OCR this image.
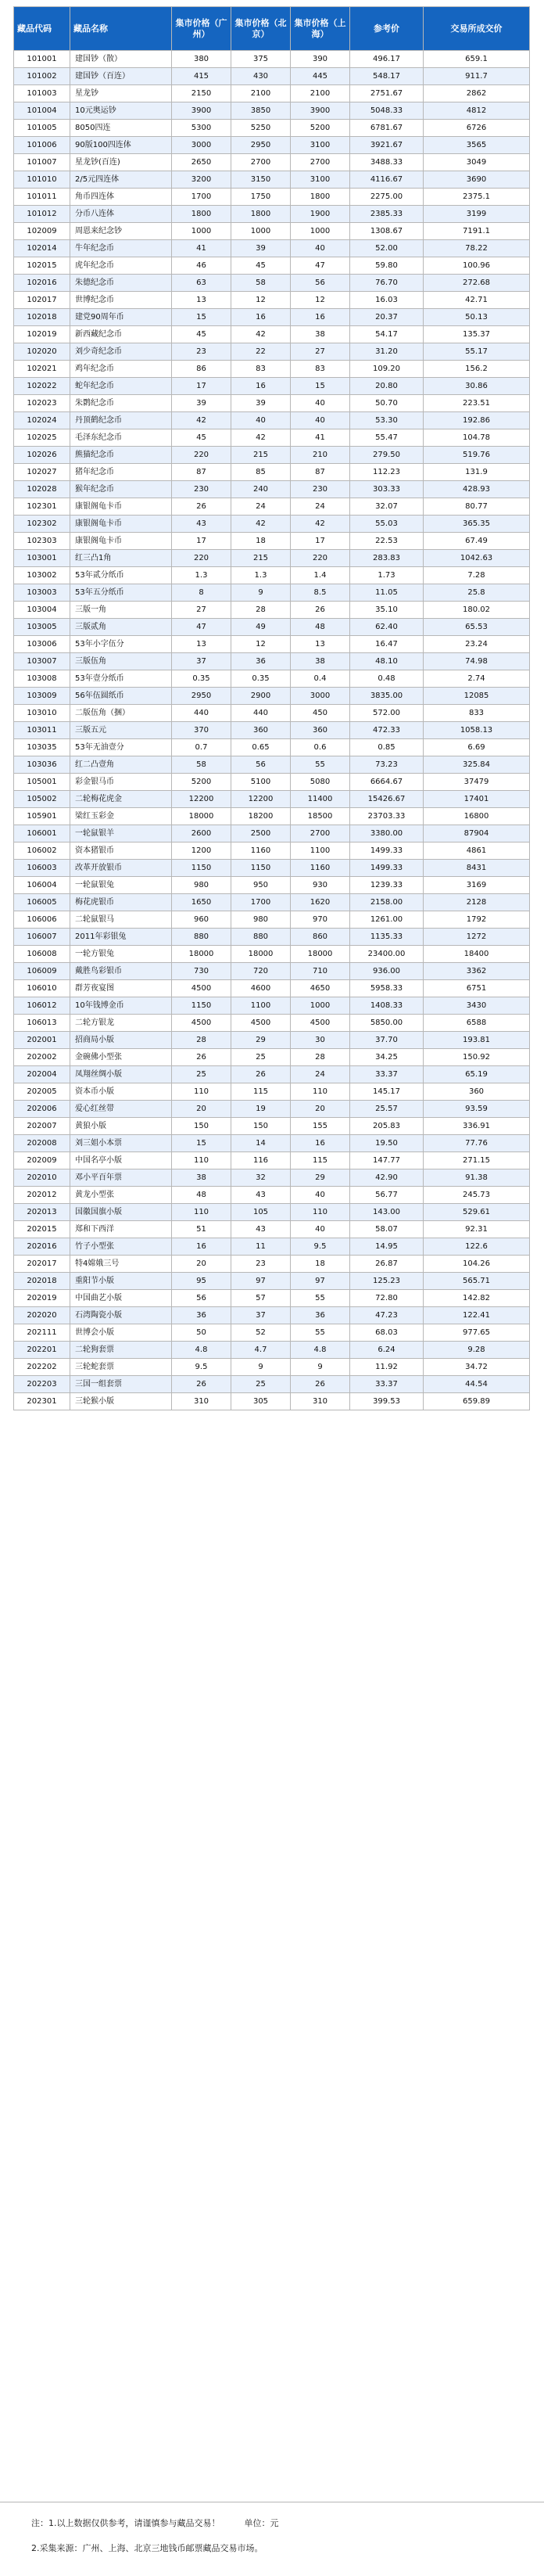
藏品代码	藏品名称	集市价格（广州）	集市价格（北京）	集市价格（上海）	参考价	交易所成交价
101001	建国钞（散）	380	375	390	496.17	659.1
101002	建国钞（百连）	415	430	445	548.17	911.7
101003	星龙钞	2150	2100	2100	2751.67	2862
101004	10元奥运钞	3900	3850	3900	5048.33	4812
101005	8050四连	5300	5250	5200	6781.67	6726
101006	90版100四连体	3000	2950	3100	3921.67	3565
101007	星龙钞(百连)	2650	2700	2700	3488.33	3049
101010	2/5元四连体	3200	3150	3100	4116.67	3690
101011	角币四连体	1700	1750	1800	2275.00	2375.1
101012	分币八连体	1800	1800	1900	2385.33	3199
102009	周恩来纪念钞	1000	1000	1000	1308.67	7191.1
102014	牛年纪念币	41	39	40	52.00	78.22
102015	虎年纪念币	46	45	47	59.80	100.96
102016	朱德纪念币	63	58	56	76.70	272.68
102017	世博纪念币	13	12	12	16.03	42.71
102018	建党90周年币	15	16	16	20.37	50.13
102019	新西藏纪念币	45	42	38	54.17	135.37
102020	刘少奇纪念币	23	22	27	31.20	55.17
102021	鸡年纪念币	86	83	83	109.20	156.2
102022	蛇年纪念币	17	16	15	20.80	30.86
102023	朱鹮纪念币	39	39	40	50.70	223.51
102024	丹顶鹤纪念币	42	40	40	53.30	192.86
102025	毛泽东纪念币	45	42	41	55.47	104.78
102026	熊猫纪念币	220	215	210	279.50	519.76
102027	猪年纪念币	87	85	87	112.23	131.9
102028	猴年纪念币	230	240	230	303.33	428.93
102301	康银阁龟卡币	26	24	24	32.07	80.77
102302	康银阁龟卡币	43	42	42	55.03	365.35
102303	康银阁龟卡币	17	18	17	22.53	67.49
103001	红三凸1角	220	215	220	283.83	1042.63
103002	53年贰分纸币	1.3	1.3	1.4	1.73	7.28
103003	53年五分纸币	8	9	8.5	11.05	25.8
103004	三版一角	27	28	26	35.10	180.02
103005	三版贰角	47	49	48	62.40	65.53
103006	53年小字伍分	13	12	13	16.47	23.24
103007	三版伍角	37	36	38	48.10	74.98
103008	53年壹分纸币	0.35	0.35	0.4	0.48	2.74
103009	56年伍圆纸币	2950	2900	3000	3835.00	12085
103010	二版伍角（捆）	440	440	450	572.00	833
103011	三版五元	370	360	360	472.33	1058.13
103035	53年无油壹分	0.7	0.65	0.6	0.85	6.69
103036	红二凸壹角	58	56	55	73.23	325.84
105001	彩金银马币	5200	5100	5080	6664.67	37479
105002	二轮梅花虎金	12200	12200	11400	15426.67	17401
105901	梁红玉彩金	18000	18200	18500	23703.33	16800
106001	一轮鼠银羊	2600	2500	2700	3380.00	87904
106002	资本猪银币	1200	1160	1100	1499.33	4861
106003	改革开放银币	1150	1150	1160	1499.33	8431
106004	一轮鼠银兔	980	950	930	1239.33	3169
106005	梅花虎银币	1650	1700	1620	2158.00	2128
106006	二轮鼠银马	960	980	970	1261.00	1792
106007	2011年彩银兔	880	880	860	1135.33	1272
106008	一轮方银兔	18000	18000	18000	23400.00	18400
106009	戴胜鸟彩银币	730	720	710	936.00	3362
106010	群芳夜宴图	4500	4600	4650	5958.33	6751
106012	10年钱博金币	1150	1100	1000	1408.33	3430
106013	二轮方银龙	4500	4500	4500	5850.00	6588
202001	招商局小版	28	29	30	37.70	193.81
202002	金碗佛小型张	26	25	28	34.25	150.92
202004	凤翔丝绸小版	25	26	24	33.37	65.19
202005	资本币小版	110	115	110	145.17	360
202006	爱心红丝带	20	19	20	25.57	93.59
202007	黄狼小版	150	150	155	205.83	336.91
202008	刘三姐小本票	15	14	16	19.50	77.76
202009	中国名亭小版	110	116	115	147.77	271.15
202010	邓小平百年票	38	32	29	42.90	91.38
202012	黄龙小型张	48	43	40	56.77	245.73
202013	国徽国旗小版	110	105	110	143.00	529.61
202015	郑和下西洋	51	43	40	58.07	92.31
202016	竹子小型张	16	11	9.5	14.95	122.6
202017	特4嫦娥三号	20	23	18	26.87	104.26
202018	重阳节小版	95	97	97	125.23	565.71
202019	中国曲艺小版	56	57	55	72.80	142.82
202020	石湾陶瓷小版	36	37	36	47.23	122.41
202111	世博会小版	50	52	55	68.03	977.65
202201	二轮狗套票	4.8	4.7	4.8	6.24	9.28
202202	三轮蛇套票	9.5	9	9	11.92	34.72
202203	三国一组套票	26	25	26	33.37	44.54
202301	三轮猴小版	310	305	310	399.53	659.89
注：1.以上数据仅供参考，请谨慎参与藏品交易！	单位：元
2.采集来源：广州、上海、北京三地钱币邮票藏品交易市场。
